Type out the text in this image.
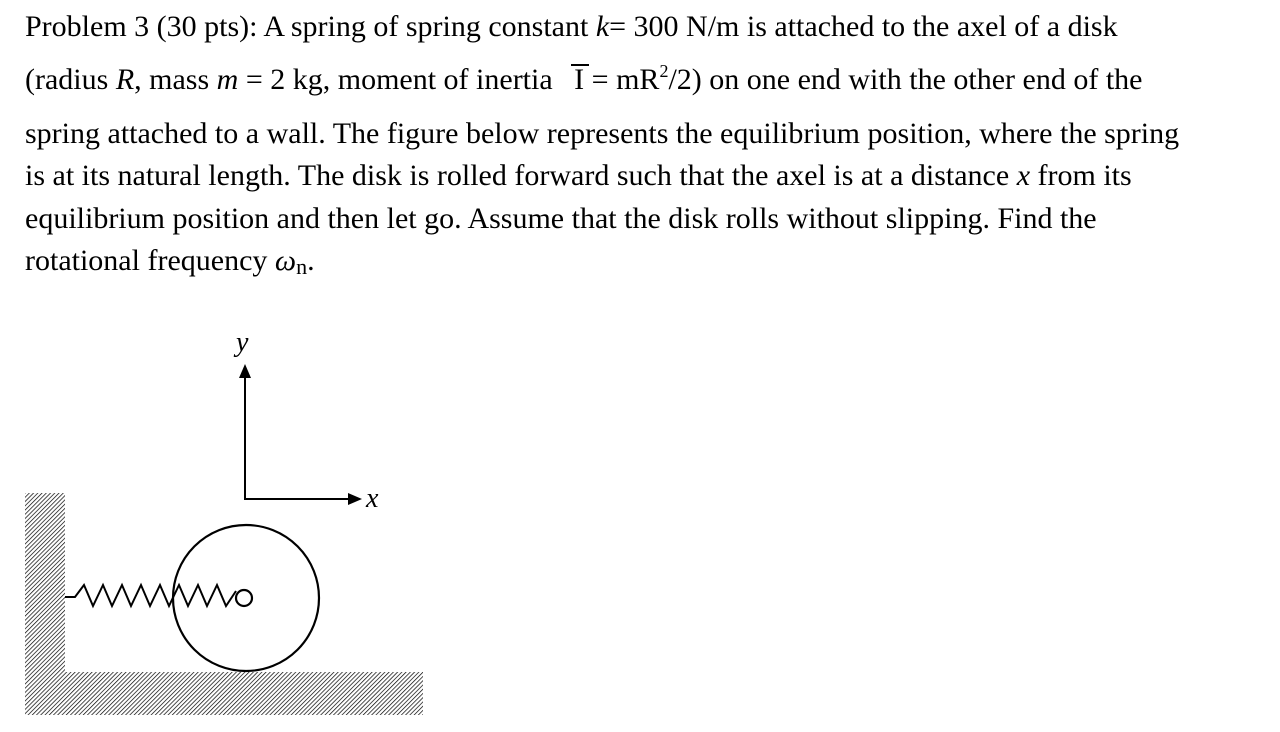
Problem 3 (30 pts): A spring of spring constant k= 300 N/m is attached to the axel of a disk
(radius R, mass m = 2 kg, moment of inertia $I = mR^2/2$) on one end with the other end of the
spring attached to a wall. The figure below represents the equilibrium position, where the spring
is at its natural length. The disk is rolled forward such that the axel is at a distance x from its
equilibrium position and then let go. Assume that the disk rolls without slipping. Find the
rotational frequency ωn.
y
x
